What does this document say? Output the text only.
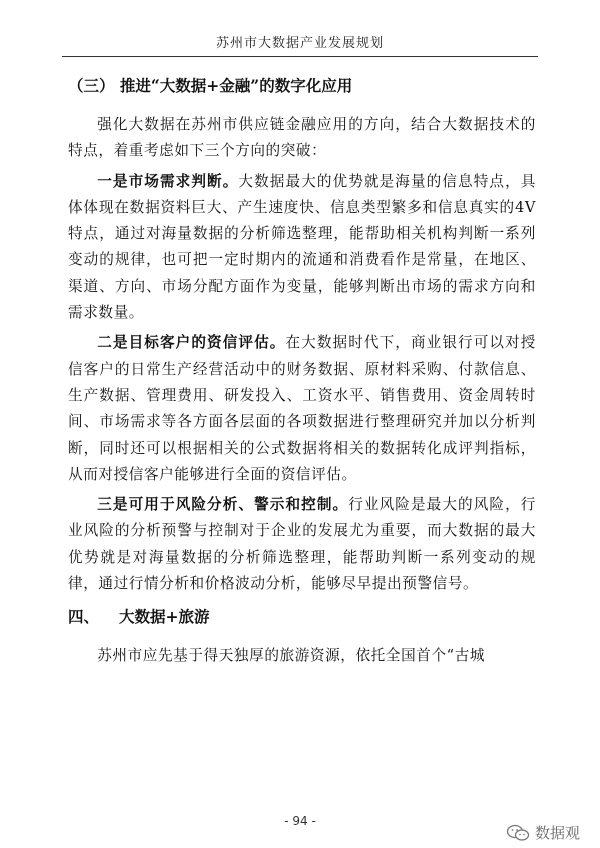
苏州市大数据产业发展规划
（三） 推进“大数据+金融”的数字化应用

强化大数据在苏州市供应链金融应用的方向，结合大数据技术的特点，着重考虑如下三个方向的突破：

一是市场需求判断。大数据最大的优势就是海量的信息特点，具体体现在数据资料巨大、产生速度快、信息类型繁多和信息真实的4V特点，通过对海量数据的分析筛选整理，能帮助相关机构判断一系列变动的规律，也可把一定时期内的流通和消费看作是常量，在地区、渠道、方向、市场分配方面作为变量，能够判断出市场的需求方向和需求数量。

二是目标客户的资信评估。在大数据时代下，商业银行可以对授信客户的日常生产经营活动中的财务数据、原材料采购、付款信息、生产数据、管理费用、研发投入、工资水平、销售费用、资金周转时间、市场需求等各方面各层面的各项数据进行整理研究并加以分析判断，同时还可以根据相关的公式数据将相关的数据转化成评判指标，从而对授信客户能够进行全面的资信评估。

三是可用于风险分析、警示和控制。行业风险是最大的风险，行业风险的分析预警与控制对于企业的发展尤为重要，而大数据的最大优势就是对海量数据的分析筛选整理，能帮助判断一系列变动的规律，通过行情分析和价格波动分析，能够尽早提出预警信号。

四、 大数据+旅游

苏州市应先基于得天独厚的旅游资源，依托全国首个“古城

- 94 -
数据观
